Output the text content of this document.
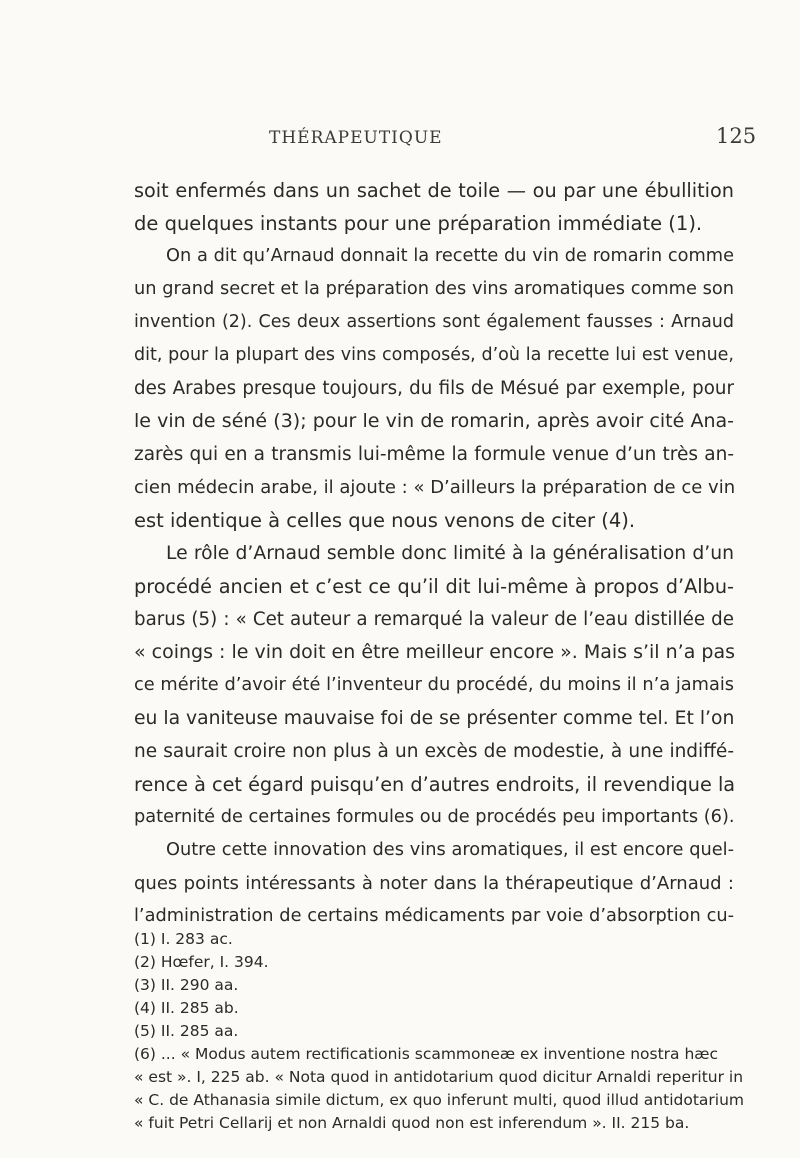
THÉRAPEUTIQUE	125
soit enfermés dans un sachet de toile — ou par une ébullition
de quelques instants pour une préparation immédiate (1).
On a dit qu’Arnaud donnait la recette du vin de romarin comme
un grand secret et la préparation des vins aromatiques comme son
invention (2). Ces deux assertions sont également fausses : Arnaud
dit, pour la plupart des vins composés, d’où la recette lui est venue,
des Arabes presque toujours, du fils de Mésué par exemple, pour
le vin de séné (3); pour le vin de romarin, après avoir cité Ana-
zarès qui en a transmis lui-même la formule venue d’un très an-
cien médecin arabe, il ajoute : « D’ailleurs la préparation de ce vin
est identique à celles que nous venons de citer (4).
Le rôle d’Arnaud semble donc limité à la généralisation d’un
procédé ancien et c’est ce qu’il dit lui-même à propos d’Albu-
barus (5) : « Cet auteur a remarqué la valeur de l’eau distillée de
« coings : le vin doit en être meilleur encore ». Mais s’il n’a pas
ce mérite d’avoir été l’inventeur du procédé, du moins il n’a jamais
eu la vaniteuse mauvaise foi de se présenter comme tel. Et l’on
ne saurait croire non plus à un excès de modestie, à une indiffé-
rence à cet égard puisqu’en d’autres endroits, il revendique la
paternité de certaines formules ou de procédés peu importants (6).
Outre cette innovation des vins aromatiques, il est encore quel-
ques points intéressants à noter dans la thérapeutique d’Arnaud :
l’administration de certains médicaments par voie d’absorption cu-
(1) I. 283 ac.
(2) Hœfer, I. 394.
(3) II. 290 aa.
(4) II. 285 ab.
(5) II. 285 aa.
(6) ... « Modus autem rectificationis scammoneæ ex inventione nostra hæc
« est ». I, 225 ab. « Nota quod in antidotarium quod dicitur Arnaldi reperitur in
« C. de Athanasia simile dictum, ex quo inferunt multi, quod illud antidotarium
« fuit Petri Cellarij et non Arnaldi quod non est inferendum ». II. 215 ba.
